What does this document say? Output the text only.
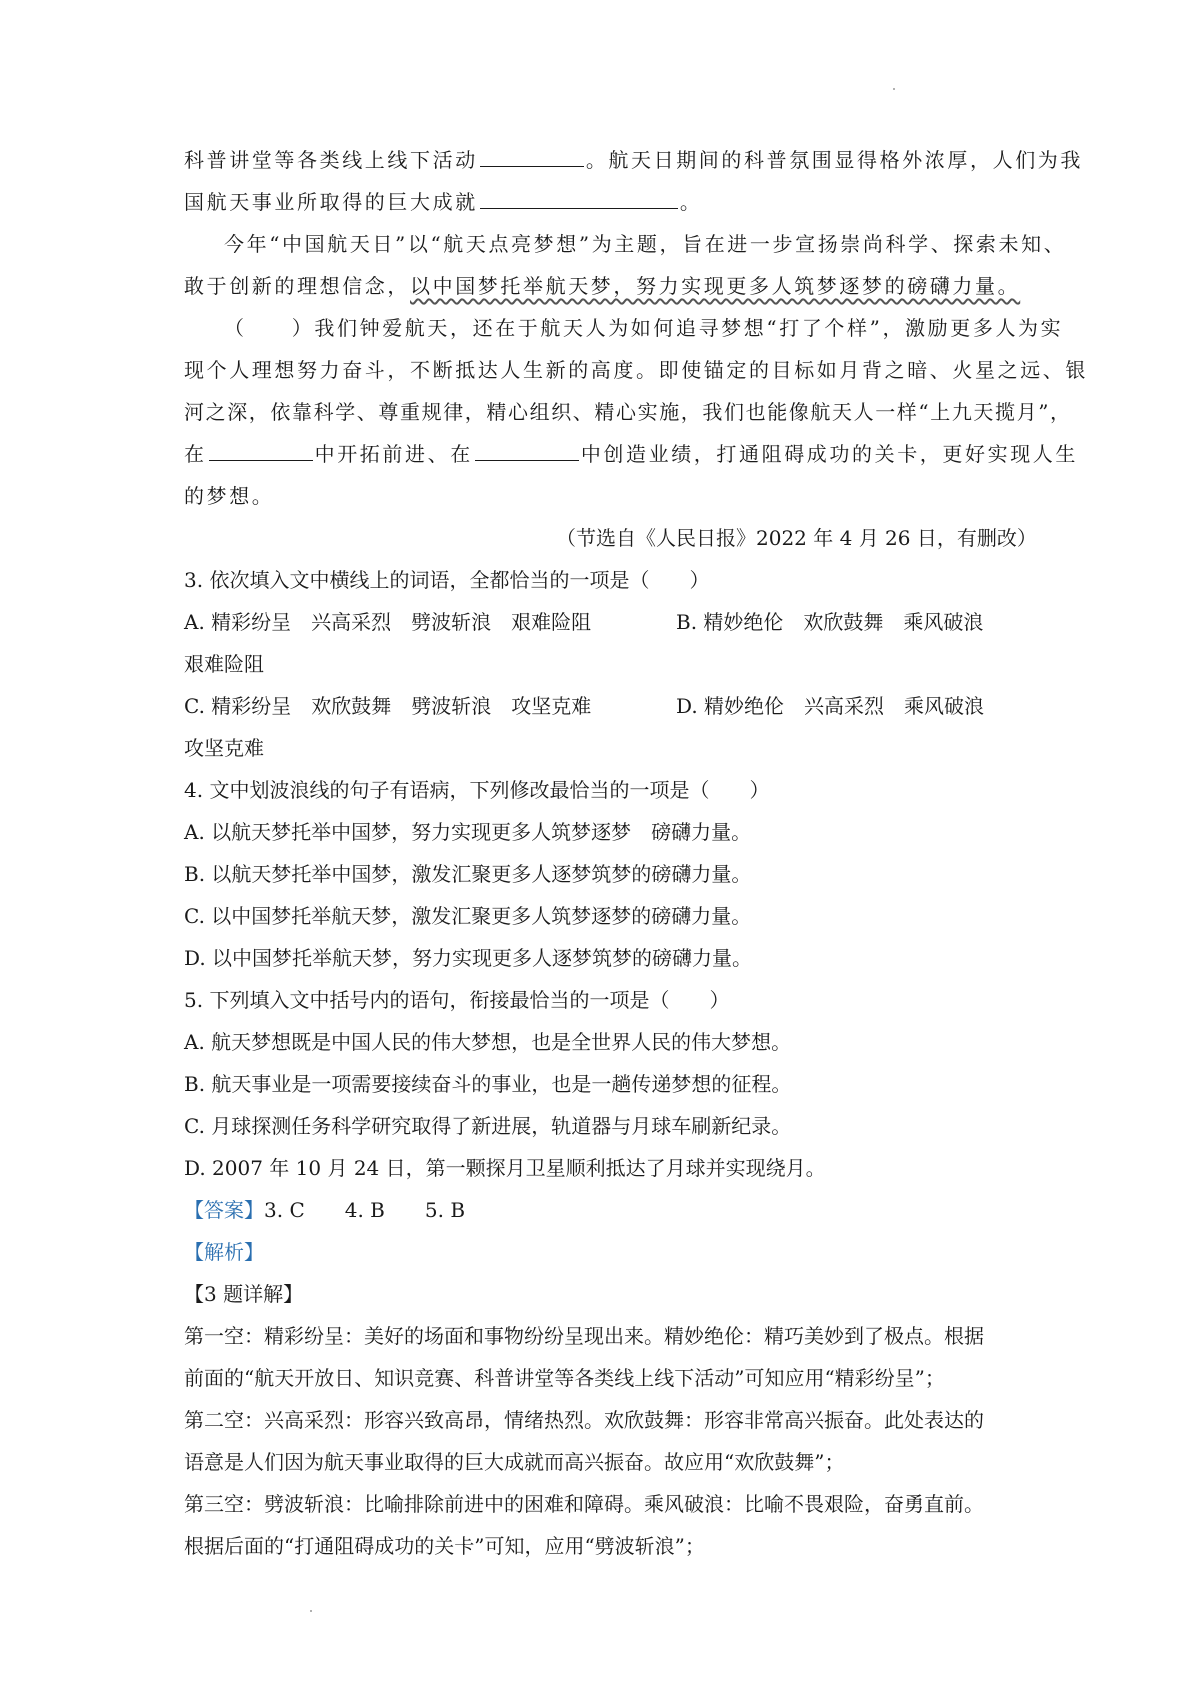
科普讲堂等各类线上线下活动	。航天日期间的科普氛围显得格外浓厚，人们为我
国航天事业所取得的巨大成就	。
今年“中国航天日”以“航天点亮梦想”为主题，旨在进一步宣扬崇尚科学、探索未知、
敢于创新的理想信念，以中国梦托举航天梦，努力实现更多人筑梦逐梦的磅礴力量。
（　　）我们钟爱航天，还在于航天人为如何追寻梦想“打了个样”，激励更多人为实
现个人理想努力奋斗，不断抵达人生新的高度。即使锚定的目标如月背之暗、火星之远、银
河之深，依靠科学、尊重规律，精心组织、精心实施，我们也能像航天人一样“上九天揽月”，
在	中开拓前进、在	中创造业绩，打通阻碍成功的关卡，更好实现人生
的梦想。
（节选自《人民日报》2022 年 4 月 26 日，有删改）
3. 依次填入文中横线上的词语，全都恰当的一项是（　　）
A. 精彩纷呈　兴高采烈　劈波斩浪　艰难险阻	B. 精妙绝伦　欢欣鼓舞　乘风破浪
艰难险阻
C. 精彩纷呈　欢欣鼓舞　劈波斩浪　攻坚克难	D. 精妙绝伦　兴高采烈　乘风破浪
攻坚克难
4. 文中划波浪线的句子有语病，下列修改最恰当的一项是（　　）
A. 以航天梦托举中国梦，努力实现更多人筑梦逐梦　磅礴力量。
B. 以航天梦托举中国梦，激发汇聚更多人逐梦筑梦的磅礴力量。
C. 以中国梦托举航天梦，激发汇聚更多人筑梦逐梦的磅礴力量。
D. 以中国梦托举航天梦，努力实现更多人逐梦筑梦的磅礴力量。
5. 下列填入文中括号内的语句，衔接最恰当的一项是（　　）
A. 航天梦想既是中国人民的伟大梦想，也是全世界人民的伟大梦想。
B. 航天事业是一项需要接续奋斗的事业，也是一趟传递梦想的征程。
C. 月球探测任务科学研究取得了新进展，轨道器与月球车刷新纪录。
D. 2007 年 10 月 24 日，第一颗探月卫星顺利抵达了月球并实现绕月。
【答案】3. C　　4. B　　5. B
【解析】
【3 题详解】
第一空：精彩纷呈：美好的场面和事物纷纷呈现出来。精妙绝伦：精巧美妙到了极点。根据
前面的“航天开放日、知识竞赛、科普讲堂等各类线上线下活动”可知应用“精彩纷呈”；
第二空：兴高采烈：形容兴致高昂，情绪热烈。欢欣鼓舞：形容非常高兴振奋。此处表达的
语意是人们因为航天事业取得的巨大成就而高兴振奋。故应用“欢欣鼓舞”；
第三空：劈波斩浪：比喻排除前进中的困难和障碍。乘风破浪：比喻不畏艰险，奋勇直前。
根据后面的“打通阻碍成功的关卡”可知，应用“劈波斩浪”；
